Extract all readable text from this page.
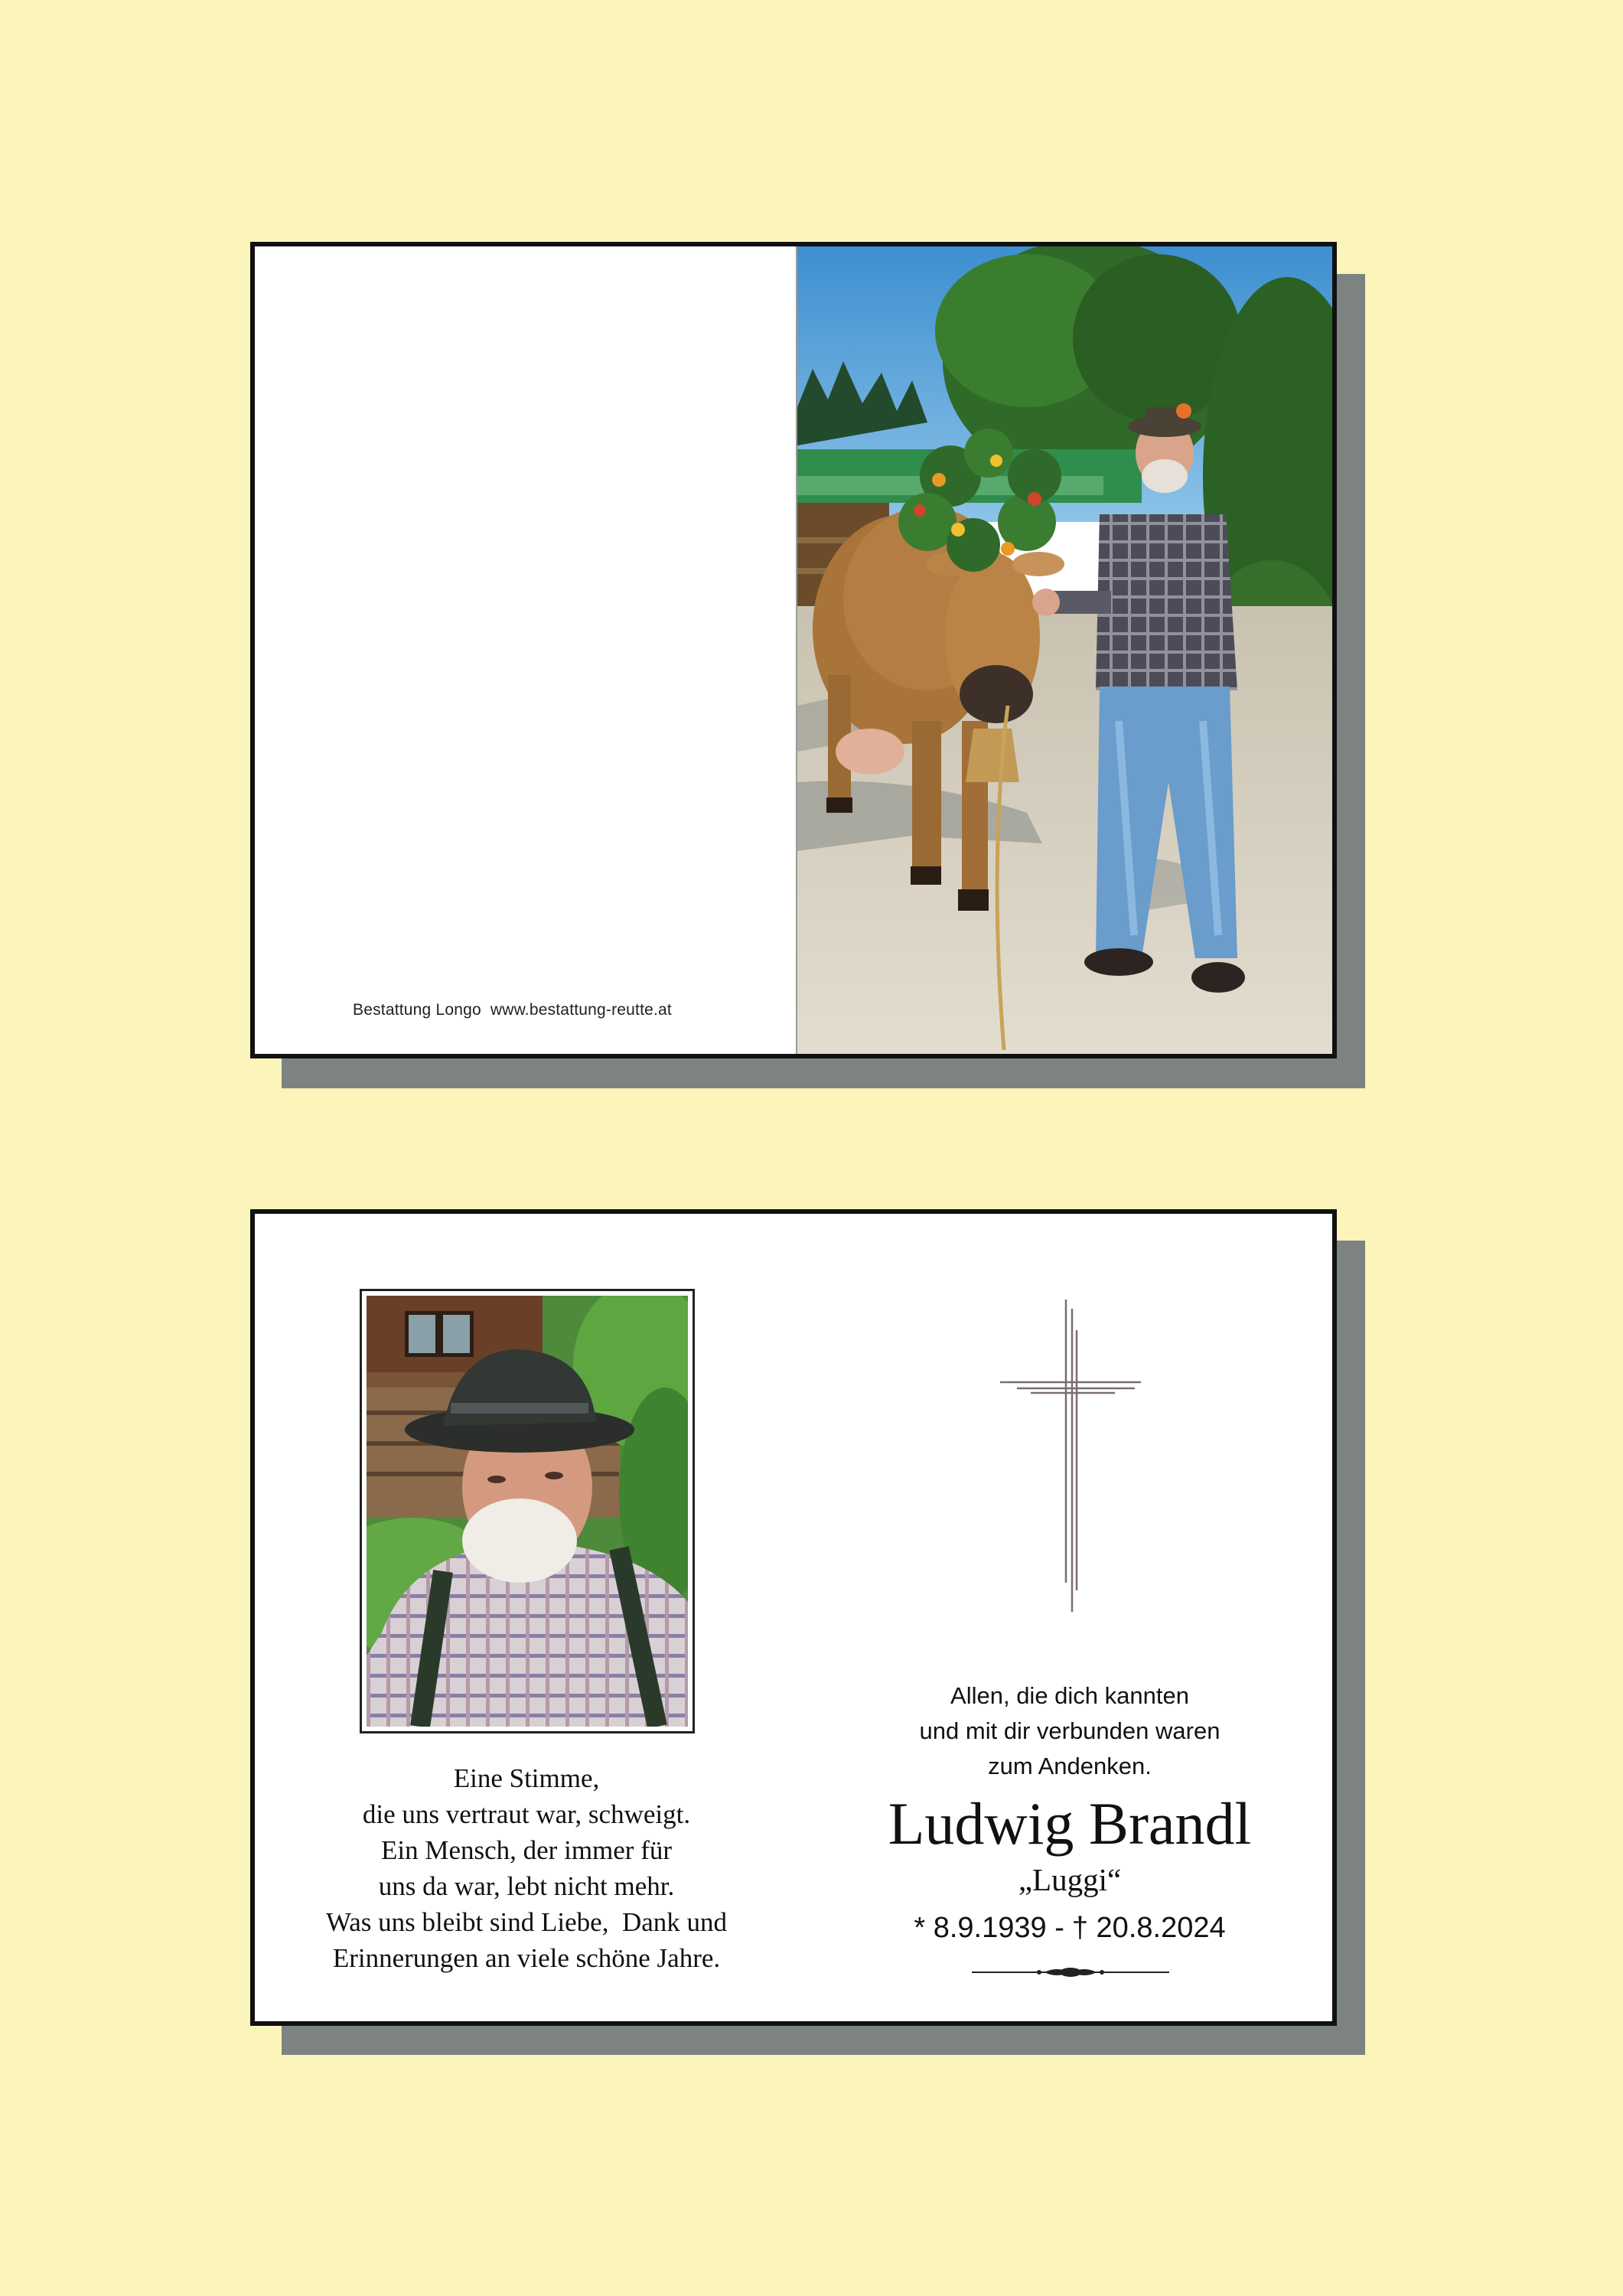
Bestattung Longo www.bestattung-reutte.at
Eine Stimme,
die uns vertraut war, schweigt.
Ein Mensch, der immer für
uns da war, lebt nicht mehr.
Was uns bleibt sind Liebe,  Dank und
Erinnerungen an viele schöne Jahre.
Allen, die dich kannten
und mit dir verbunden waren
zum Andenken.
Ludwig Brandl
„Luggi“
* 8.9.1939 - † 20.8.2024
